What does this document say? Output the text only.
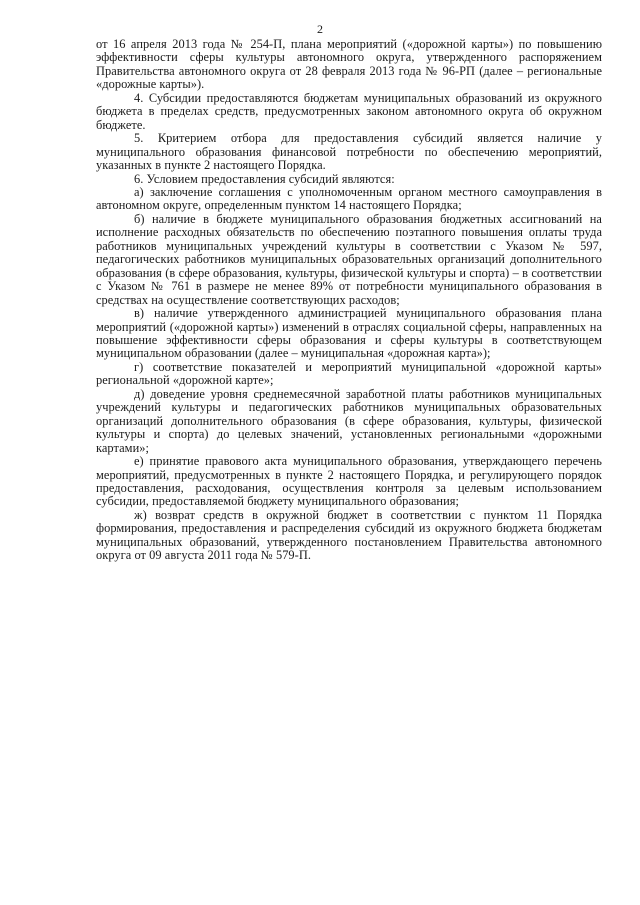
2

от 16 апреля 2013 года № 254-П, плана мероприятий («дорожной карты») по повышению эффективности сферы культуры автономного округа, утвержденного распоряжением Правительства автономного округа от 28 февраля 2013 года № 96-РП (далее – региональные «дорожные карты»).

4. Субсидии предоставляются бюджетам муниципальных образований из окружного бюджета в пределах средств, предусмотренных законом автономного округа об окружном бюджете.

5. Критерием отбора для предоставления субсидий является наличие у муниципального образования финансовой потребности по обеспечению мероприятий, указанных в пункте 2 настоящего Порядка.

6. Условием предоставления субсидий являются:

а) заключение соглашения с уполномоченным органом местного самоуправления в автономном округе, определенным пунктом 14 настоящего Порядка;

б) наличие в бюджете муниципального образования бюджетных ассигнований на исполнение расходных обязательств по обеспечению поэтапного повышения оплаты труда работников муниципальных учреждений культуры в соответствии с Указом № 597, педагогических работников муниципальных образовательных организаций дополнительного образования (в сфере образования, культуры, физической культуры и спорта) – в соответствии с Указом № 761 в размере не менее 89% от потребности муниципального образования в средствах на осуществление соответствующих расходов;

в) наличие утвержденного администрацией муниципального образования плана мероприятий («дорожной карты») изменений в отраслях социальной сферы, направленных на повышение эффективности сферы образования и сферы культуры в соответствующем муниципальном образовании (далее – муниципальная «дорожная карта»);

г) соответствие показателей и мероприятий муниципальной «дорожной карты» региональной «дорожной карте»;

д) доведение уровня среднемесячной заработной платы работников муниципальных учреждений культуры и педагогических работников муниципальных образовательных организаций дополнительного образования (в сфере образования, культуры, физической культуры и спорта) до целевых значений, установленных региональными «дорожными картами»;

е) принятие правового акта муниципального образования, утверждающего перечень мероприятий, предусмотренных в пункте 2 настоящего Порядка, и регулирующего порядок предоставления, расходования, осуществления контроля за целевым использованием субсидии, предоставляемой бюджету муниципального образования;

ж) возврат средств в окружной бюджет в соответствии с пунктом 11 Порядка формирования, предоставления и распределения субсидий из окружного бюджета бюджетам муниципальных образований, утвержденного постановлением Правительства автономного округа от 09 августа 2011 года № 579-П.
